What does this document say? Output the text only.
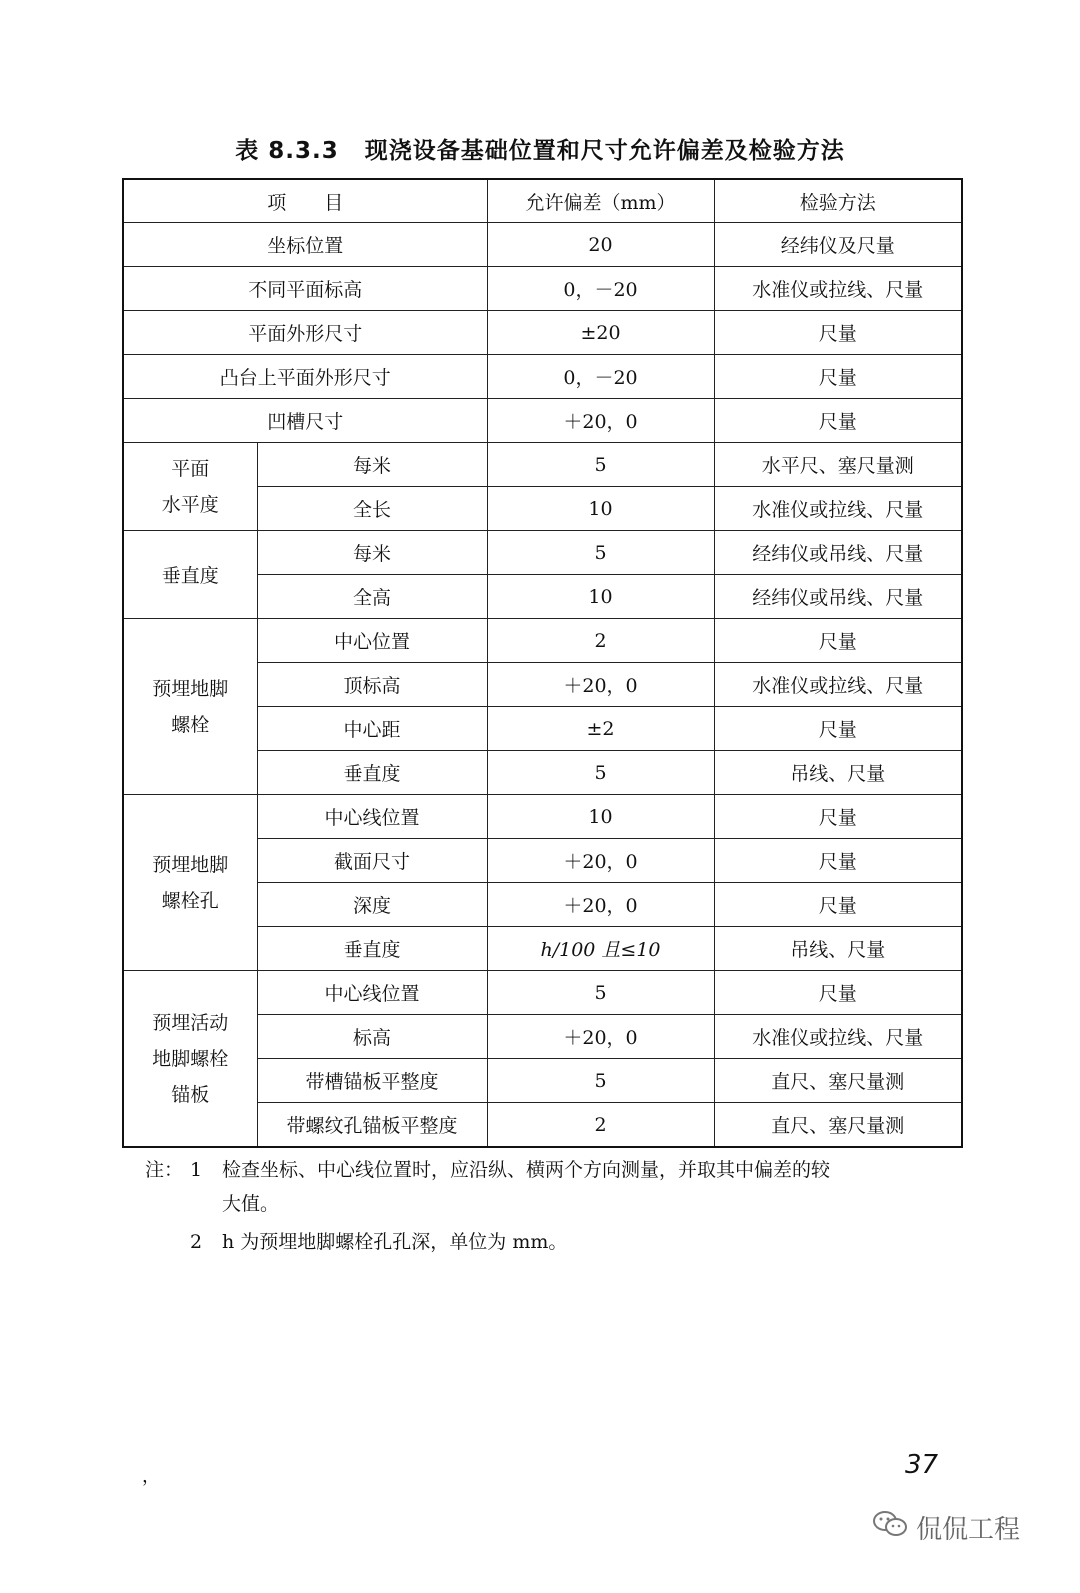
表 8.3.3 现浇设备基础位置和尺寸允许偏差及检验方法
项　　目		允许偏差（mm）	检验方法
坐标位置		20	经纬仪及尺量
不同平面标高		0，－20	水准仪或拉线、尺量
平面外形尺寸		±20	尺量
凸台上平面外形尺寸		0，－20	尺量
凹槽尺寸		＋20，0	尺量

平面
水平度	每米	5	水平尺、塞尺量测
	全长	10	水准仪或拉线、尺量
垂直度	每米	5	经纬仪或吊线、尺量
	全高	10	经纬仪或吊线、尺量

预埋地脚
螺栓	中心位置	2	尺量
	顶标高	＋20，0	水准仪或拉线、尺量
	中心距	±2	尺量
	垂直度	5	吊线、尺量

预埋地脚
螺栓孔	中心线位置	10	尺量
	截面尺寸	＋20，0	尺量
	深度	＋20，0	尺量
	垂直度	h/100 且≤10	吊线、尺量

预埋活动
地脚螺栓
锚板	中心线位置	5	尺量
	标高	＋20，0	水准仪或拉线、尺量
	带槽锚板平整度	5	直尺、塞尺量测
	带螺纹孔锚板平整度	2	直尺、塞尺量测
注： 1	检查坐标、中心线位置时，应沿纵、横两个方向测量，并取其中偏差的较
大值。
2	h 为预埋地脚螺栓孔孔深，单位为 mm。
，	37
侃侃工程
